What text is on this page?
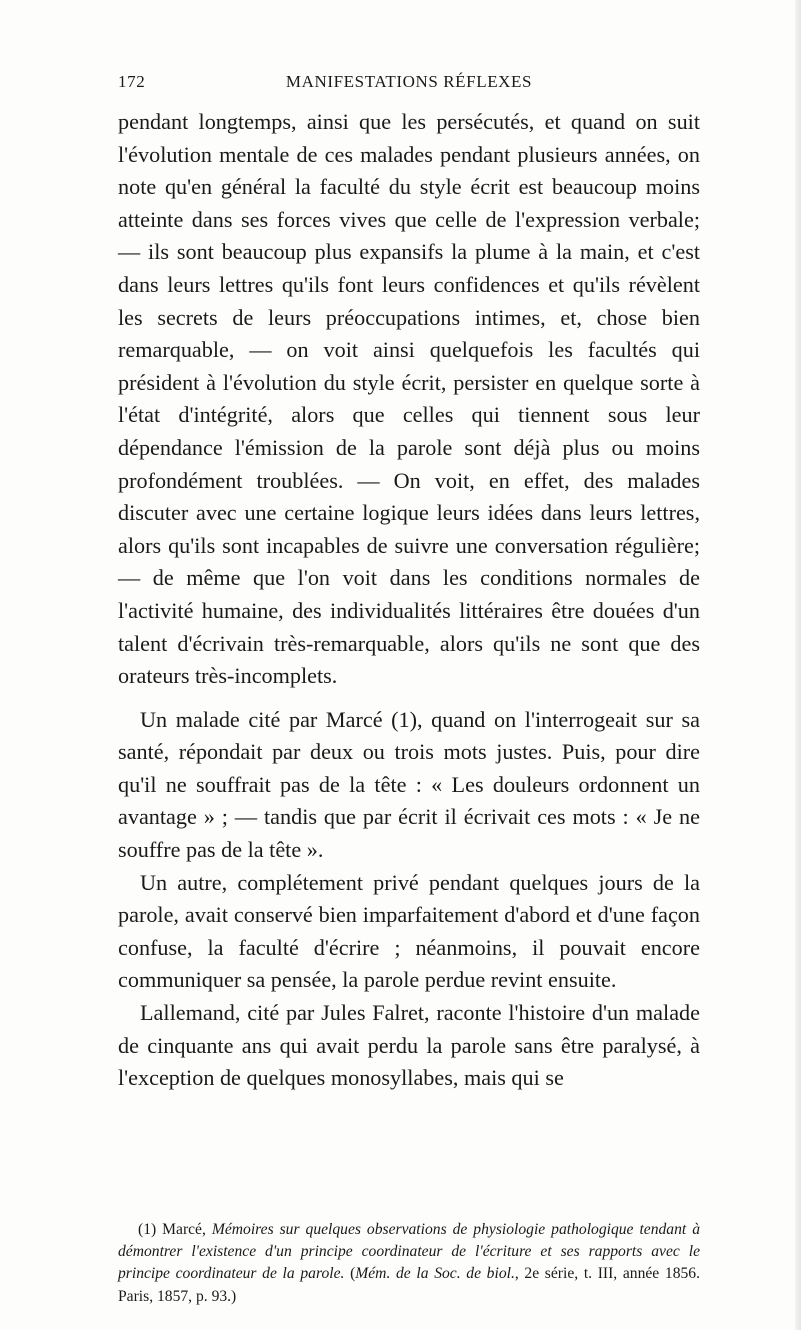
172	MANIFESTATIONS RÉFLEXES

pendant longtemps, ainsi que les persécutés, et quand on suit l'évolution mentale de ces malades pendant plusieurs années, on note qu'en général la faculté du style écrit est beaucoup moins atteinte dans ses forces vives que celle de l'expression verbale; — ils sont beaucoup plus expansifs la plume à la main, et c'est dans leurs lettres qu'ils font leurs confidences et qu'ils révèlent les secrets de leurs préoccupations intimes, et, chose bien remarquable, — on voit ainsi quelquefois les facultés qui président à l'évolution du style écrit, persister en quelque sorte à l'état d'intégrité, alors que celles qui tiennent sous leur dépendance l'émission de la parole sont déjà plus ou moins profondément troublées. — On voit, en effet, des malades discuter avec une certaine logique leurs idées dans leurs lettres, alors qu'ils sont incapables de suivre une conversation régulière; — de même que l'on voit dans les conditions normales de l'activité humaine, des individualités littéraires être douées d'un talent d'écrivain très-remarquable, alors qu'ils ne sont que des orateurs très-incomplets.

Un malade cité par Marcé (1), quand on l'interrogeait sur sa santé, répondait par deux ou trois mots justes. Puis, pour dire qu'il ne souffrait pas de la tête : « Les douleurs ordonnent un avantage » ; — tandis que par écrit il écrivait ces mots : « Je ne souffre pas de la tête ».

Un autre, complétement privé pendant quelques jours de la parole, avait conservé bien imparfaitement d'abord et d'une façon confuse, la faculté d'écrire ; néanmoins, il pouvait encore communiquer sa pensée, la parole perdue revint ensuite.

Lallemand, cité par Jules Falret, raconte l'histoire d'un malade de cinquante ans qui avait perdu la parole sans être paralysé, à l'exception de quelques monosyllabes, mais qui se

(1) Marcé, Mémoires sur quelques observations de physiologie pathologique tendant à démontrer l'existence d'un principe coordinateur de l'écriture et ses rapports avec le principe coordinateur de la parole. (Mém. de la Soc. de biol., 2e série, t. III, année 1856. Paris, 1857, p. 93.)
